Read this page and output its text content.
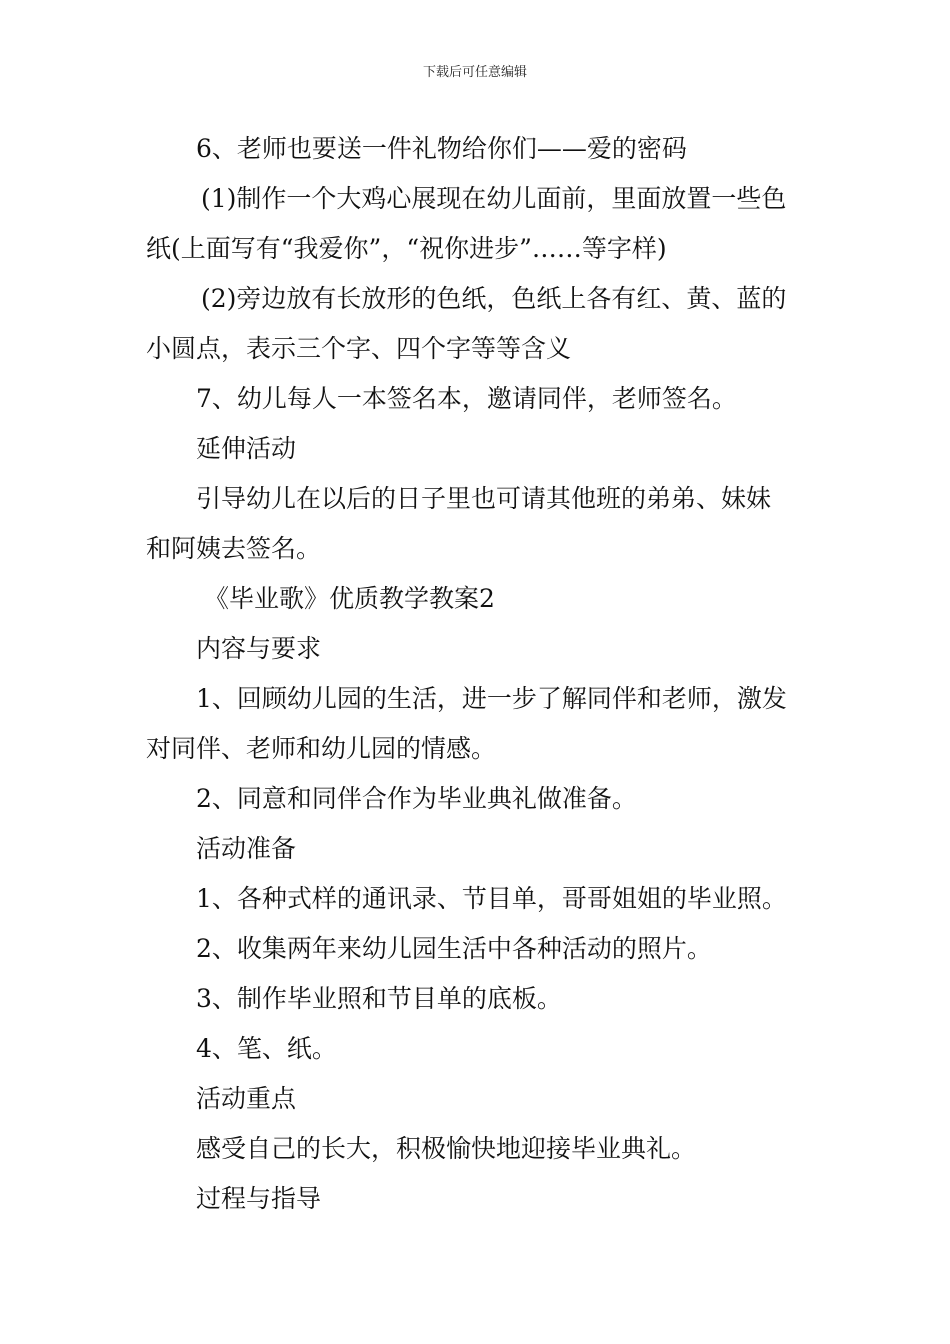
下载后可任意编辑

6、老师也要送一件礼物给你们——爱的密码

(1)制作一个大鸡心展现在幼儿面前，里面放置一些色

纸(上面写有“我爱你”，“祝你进步”……等字样)

(2)旁边放有长放形的色纸，色纸上各有红、黄、蓝的

小圆点，表示三个字、四个字等等含义

7、幼儿每人一本签名本，邀请同伴，老师签名。

延伸活动

引导幼儿在以后的日子里也可请其他班的弟弟、妹妹

和阿姨去签名。

《毕业歌》优质教学教案2

内容与要求

1、回顾幼儿园的生活，进一步了解同伴和老师，激发

对同伴、老师和幼儿园的情感。

2、同意和同伴合作为毕业典礼做准备。

活动准备

1、各种式样的通讯录、节目单，哥哥姐姐的毕业照。

2、收集两年来幼儿园生活中各种活动的照片。

3、制作毕业照和节目单的底板。

4、笔、纸。

活动重点

感受自己的长大，积极愉快地迎接毕业典礼。

过程与指导
